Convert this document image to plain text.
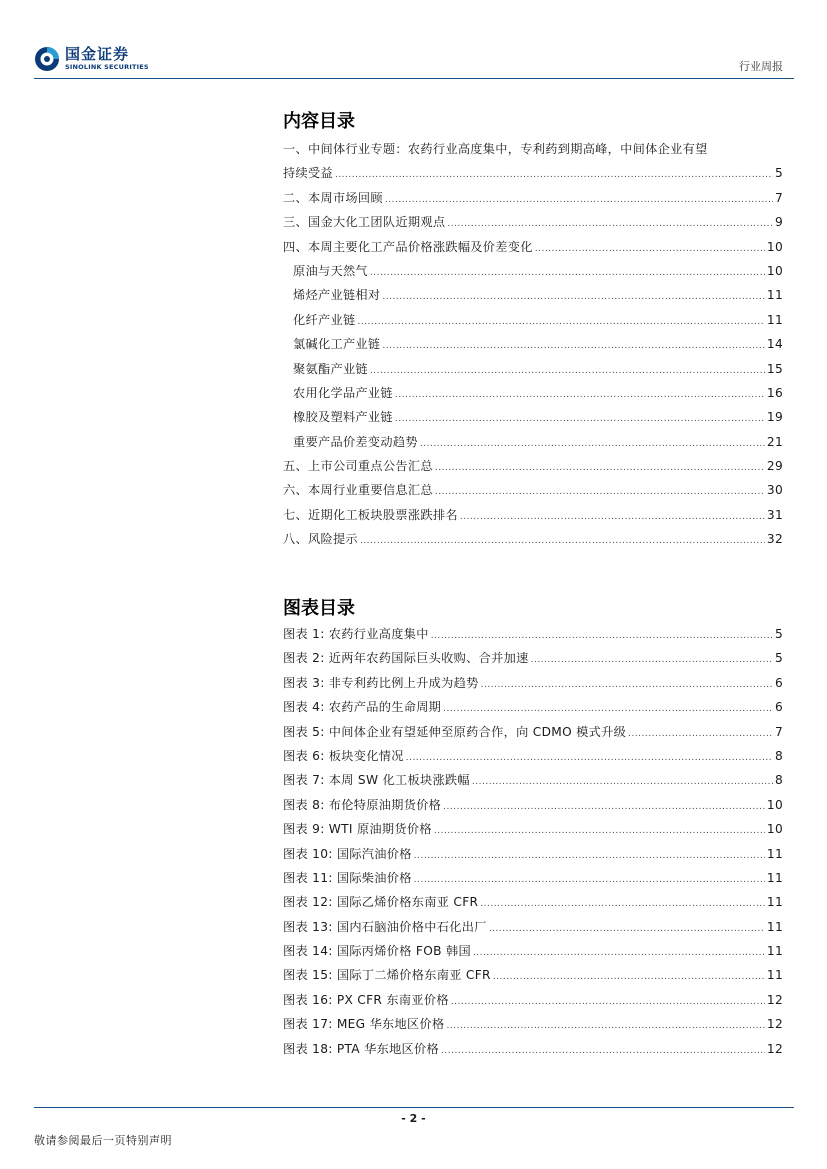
国金证券
SINOLINK SECURITIES	行业周报
内容目录
一、中间体行业专题：农药行业高度集中，专利药到期高峰，中间体企业有望
持续受益 .....	5
二、本周市场回顾 .....	7
三、国金大化工团队近期观点 .....	9
四、本周主要化工产品价格涨跌幅及价差变化 .....	10
原油与天然气 .....	10
烯烃产业链相对 .....	11
化纤产业链 .....	11
氯碱化工产业链 .....	14
聚氨酯产业链 .....	15
农用化学品产业链 .....	16
橡胶及塑料产业链 .....	19
重要产品价差变动趋势 .....	21
五、上市公司重点公告汇总 .....	29
六、本周行业重要信息汇总 .....	30
七、近期化工板块股票涨跌排名 .....	31
八、风险提示 .....	32
图表目录
图表 1: 农药行业高度集中 .....	5
图表 2: 近两年农药国际巨头收购、合并加速 .....	5
图表 3: 非专利药比例上升成为趋势 .....	6
图表 4: 农药产品的生命周期 .....	6
图表 5: 中间体企业有望延伸至原药合作，向 CDMO 模式升级 .....	7
图表 6: 板块变化情况 .....	8
图表 7: 本周 SW 化工板块涨跌幅 .....	8
图表 8: 布伦特原油期货价格 .....	10
图表 9: WTI 原油期货价格 .....	10
图表 10: 国际汽油价格 .....	11
图表 11: 国际柴油价格 .....	11
图表 12: 国际乙烯价格东南亚 CFR .....	11
图表 13: 国内石脑油价格中石化出厂 .....	11
图表 14: 国际丙烯价格 FOB 韩国 .....	11
图表 15: 国际丁二烯价格东南亚 CFR .....	11
图表 16: PX CFR 东南亚价格 .....	12
图表 17: MEG 华东地区价格 .....	12
图表 18: PTA 华东地区价格 .....	12
- 2 -
敬请参阅最后一页特别声明
